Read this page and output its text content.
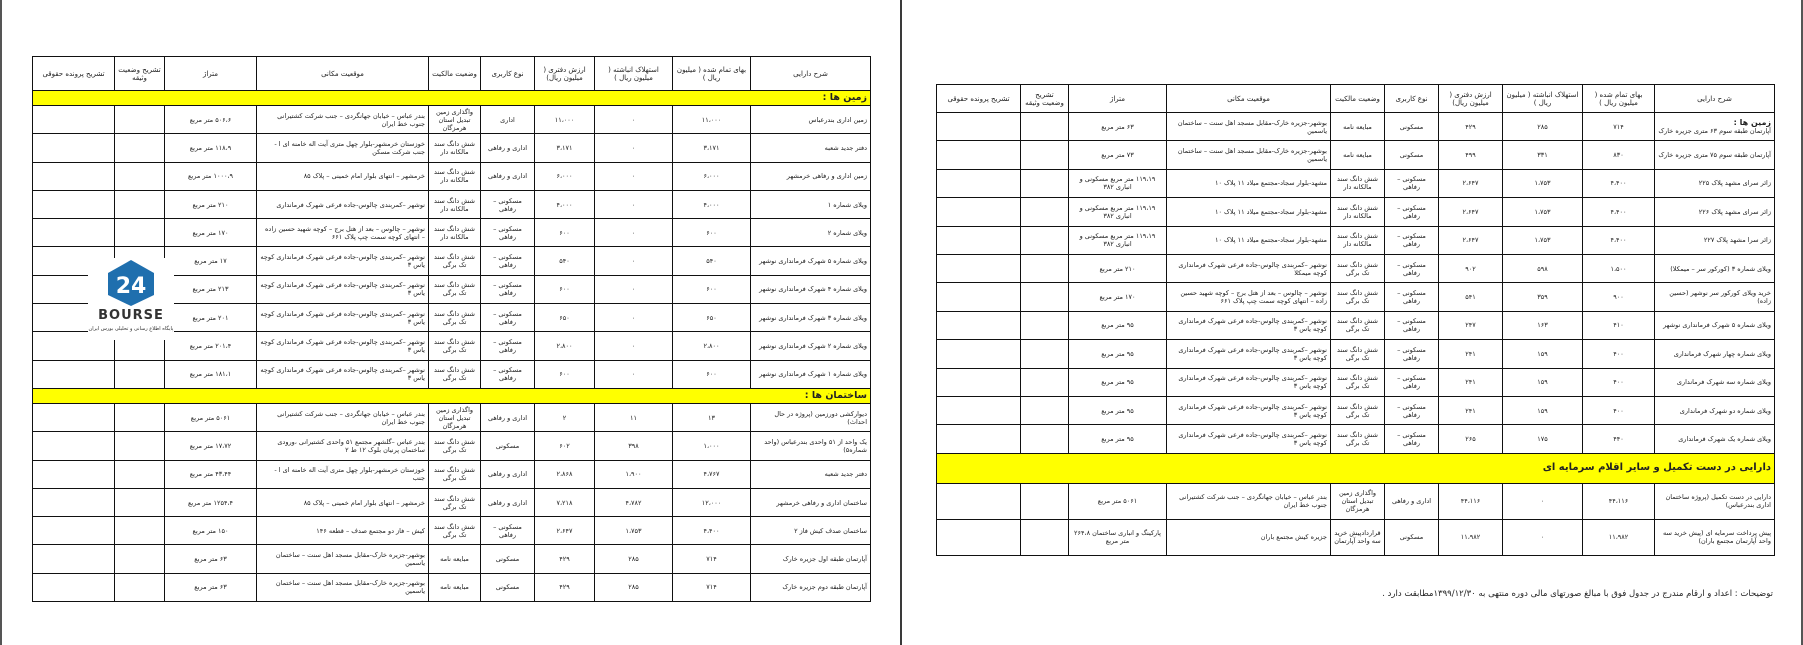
شرح دارایی	بهای تمام شده ( میلیون ریال )	استهلاک انباشته ( میلیون ریال )	ارزش دفتری ( میلیون ریال)	نوع کاربری	وضعیت مالکیت	موقعیت مکانی	متراژ	تشریح وضعیت وثیقه	تشریح پرونده حقوقی
زمین ها :									
زمین اداری بندرعباس	۱۱،۰۰۰	۰	۱۱،۰۰۰	اداری	واگذاری زمین تبدیل استان هرمزگان	بندر عباس – خیابان جهانگردی – جنب شرکت کشتیرانی جنوب خط ایران	۵۰۶،۶ متر مربع		
دفتر جدید شعبه	۳،۱۷۱	۰	۳،۱۷۱	اداری و رفاهی	شش دانگ سند مالکانه دار	خوزستان خرمشهر-بلوار چهل متری آیت اله خامنه ای ا - جنب شرکت مسکن	۱۱۸،۹ متر مربع		
زمین اداری و رفاهی خرمشهر	۶،۰۰۰	۰	۶،۰۰۰	اداری و رفاهی	شش دانگ سند مالکانه دار	خرمشهر – انتهای بلوار امام خمینی – پلاک ۸۵	۱۰۰۰،۹ متر مربع		
ویلای شماره ۱	۴،۰۰۰	۰	۴،۰۰۰	مسکونی – رفاهی	شش دانگ سند مالکانه دار	نوشهر –کمربندی چالوس-جاده فرعی شهرک فرمانداری	۲۱۰ متر مربع		
ویلای شماره ۲	۶۰۰	۰	۶۰۰	مسکونی – رفاهی	شش دانگ سند مالکانه دار	نوشهر – چالوس – بعد از هتل برج – کوچه شهید حسین زاده – انتهای کوچه سمت چپ پلاک ۶۶۱	۱۷۰ متر مربع		
ویلای شماره ۵ شهرک فرمانداری نوشهر	۵۴۰	۰	۵۴۰	مسکونی – رفاهی	شش دانگ سند تک برگی	نوشهر –کمربندی چالوس-جاده فرعی شهرک فرمانداری کوچه یاس ۳	۱۷ متر مربع		
ویلای شماره ۴ شهرک فرمانداری نوشهر	۶۰۰	۰	۶۰۰	مسکونی – رفاهی	شش دانگ سند تک برگی	نوشهر –کمربندی چالوس-جاده فرعی شهرک فرمانداری کوچه یاس ۳	۲۱۳ متر مربع		
ویلای شماره ۳ شهرک فرمانداری نوشهر	۶۵۰	۰	۶۵۰	مسکونی – رفاهی	شش دانگ سند تک برگی	نوشهر –کمربندی چالوس-جاده فرعی شهرک فرمانداری کوچه یاس ۳	۲۰۱ متر مربع		
ویلای شماره ۲ شهرک فرمانداری نوشهر	۲،۸۰۰	۰	۲،۸۰۰	مسکونی – رفاهی	شش دانگ سند تک برگی	نوشهر –کمربندی چالوس-جاده فرعی شهرک فرمانداری کوچه یاس ۳	۲۰۱،۴ متر مربع		
ویلای شماره ۱ شهرک فرمانداری نوشهر	۶۰۰	۰	۶۰۰	مسکونی – رفاهی	شش دانگ سند تک برگی	نوشهر –کمربندی چالوس-جاده فرعی شهرک فرمانداری کوچه یاس ۳	۱۸۱،۱ متر مربع		
ساختمان ها :									
دیوارکشی دورزمین (پروژه در حال احداث)	۱۳	۱۱	۲	اداری و رفاهی	واگذاری زمین تبدیل استان هرمزگان	بندر عباس – خیابان جهانگردی – جنب شرکت کشتیرانی جنوب خط ایران	۵۰۶۱ متر مربع		
یک واحد از ۵۱ واحدی بندرعباس (واحد شماره۵)	۱،۰۰۰	۳۹۸	۶۰۲	مسکونی	شش دانگ سند تک برگی	بندر عباس –گلشهر مجتمع ۵۱ واحدی کشتیرانی ،ورودی ساختمان پرنیان بلوک ۱۲ ط ۲	۱۷،۷۲ متر مربع		
دفتر جدید شعبه	۴،۷۶۷	۱،۹۰۰	۲،۸۶۸	اداری و رفاهی	شش دانگ سند تک برگی	خوزستان خرمشهر-بلوار چهل متری آیت اله خامنه ای ا - جنب	۴۳،۴۴ متر مربع		
ساختمان اداری و رفاهی خرمشهر	۱۲،۰۰۰	۴،۷۸۲	۷،۲۱۸	اداری و رفاهی	شش دانگ سند تک برگی	خرمشهر – انتهای بلوار امام خمینی – پلاک ۸۵	۱۲۵۴،۴ متر مربع		
ساختمان صدف کیش فاز ۲	۴،۴۰۰	۱،۷۵۳	۲،۶۴۷	مسکونی – رفاهی	شش دانگ سند تک برگی	کیش – فاز دو مجتمع صدف – قطعه ۱۴۶	۱۵۰ متر مربع		
آپارتمان طبقه اول جزیره خارک	۷۱۴	۲۸۵	۴۲۹	مسکونی	مبایعه نامه	بوشهر-جزیره خارک-مقابل مسجد اهل سنت – ساختمان یاسمین	۶۳ متر مربع		
آپارتمان طبقه دوم جزیره خارک	۷۱۴	۲۸۵	۴۲۹	مسکونی	مبایعه نامه	بوشهر-جزیره خارک-مقابل مسجد اهل سنت – ساختمان یاسمین	۶۳ متر مربع		
شرح دارایی	بهای تمام شده ( میلیون ریال )	استهلاک انباشته ( میلیون ریال )	ارزش دفتری ( میلیون ریال)	نوع کاربری	وضعیت مالکیت	موقعیت مکانی	متراژ	تشریح وضعیت وثیقه	تشریح پرونده حقوقی

زمین ها :
آپارتمان طبقه سوم ۶۳ متری جزیره خارک	۷۱۴	۲۸۵	۴۲۹	مسکونی	مبایعه نامه	بوشهر-جزیره خارک-مقابل مسجد اهل سنت – ساختمان یاسمین	۶۳ متر مربع		
آپارتمان طبقه سوم ۷۵ متری جزیره خارک	۸۳۰	۳۳۱	۴۹۹	مسکونی	مبایعه نامه	بوشهر-جزیره خارک-مقابل مسجد اهل سنت – ساختمان یاسمین	۷۳ متر مربع		
زائر سرای مشهد پلاک ۲۲۵	۴،۴۰۰	۱،۷۵۳	۲،۶۴۷	مسکونی – رفاهی	شش دانگ سند مالکانه دار	مشهد-بلوار سجاد-مجتمع میلاد ۱۱ پلاک ۱۰	۱۱۹،۱۹ متر مربع مسکونی و انباری ۳۸۲		
زائر سرای مشهد پلاک ۲۲۶	۴،۴۰۰	۱،۷۵۳	۲،۶۴۷	مسکونی – رفاهی	شش دانگ سند مالکانه دار	مشهد-بلوار سجاد-مجتمع میلاد ۱۱ پلاک ۱۰	۱۱۹،۱۹ متر مربع مسکونی و انباری ۳۸۲		
زائر سرا مشهد پلاک ۲۲۷	۴،۴۰۰	۱،۷۵۳	۲،۶۴۷	مسکونی – رفاهی	شش دانگ سند مالکانه دار	مشهد-بلوار سجاد-مجتمع میلاد ۱۱ پلاک ۱۰	۱۱۹،۱۹ متر مربع مسکونی و انباری ۳۸۲		
ویلای شماره ۳ (کورکور سر – میمکلا)	۱،۵۰۰	۵۹۸	۹۰۲	مسکونی – رفاهی	شش دانگ سند تک برگی	نوشهر –کمربندی چالوس-جاده فرعی شهرک فرمانداری کوچه میمکلا	۲۱۰ متر مربع		
خرید ویلای کورکور سر نوشهر (حسین زاده)	۹۰۰	۳۵۹	۵۴۱	مسکونی – رفاهی	شش دانگ سند تک برگی	نوشهر – چالوس – بعد از هتل برج – کوچه شهید حسین زاده – انتهای کوچه سمت چپ پلاک ۶۶۱	۱۷۰ متر مربع		
ویلای شماره ۵ شهرک فرمانداری نوشهر	۴۱۰	۱۶۳	۲۴۷	مسکونی – رفاهی	شش دانگ سند تک برگی	نوشهر –کمربندی چالوس-جاده فرعی شهرک فرمانداری کوچه یاس ۳	۹۵ متر مربع		
ویلای شماره چهار شهرک فرمانداری	۴۰۰	۱۵۹	۲۴۱	مسکونی – رفاهی	شش دانگ سند تک برگی	نوشهر –کمربندی چالوس-جاده فرعی شهرک فرمانداری کوچه یاس ۳	۹۵ متر مربع		
ویلای شماره سه شهرک فرمانداری	۴۰۰	۱۵۹	۲۴۱	مسکونی – رفاهی	شش دانگ سند تک برگی	نوشهر –کمربندی چالوس-جاده فرعی شهرک فرمانداری کوچه یاس ۳	۹۵ متر مربع		
ویلای شماره دو شهرک فرمانداری	۴۰۰	۱۵۹	۲۴۱	مسکونی – رفاهی	شش دانگ سند تک برگی	نوشهر –کمربندی چالوس-جاده فرعی شهرک فرمانداری کوچه یاس ۳	۹۵ متر مربع		
ویلای شماره یک شهرک فرمانداری	۴۴۰	۱۷۵	۲۶۵	مسکونی – رفاهی	شش دانگ سند تک برگی	نوشهر –کمربندی چالوس-جاده فرعی شهرک فرمانداری کوچه یاس ۳	۹۵ متر مربع		
دارایی در دست تکمیل و سایر اقلام سرمایه ای									
دارایی در دست تکمیل (پروژه ساختمان اداری بندرعباس)	۴۴،۱۱۶	۰	۴۴،۱۱۶	اداری و رفاهی	واگذاری زمین تبدیل استان هرمزگان	بندر عباس – خیابان جهانگردی – جنب شرکت کشتیرانی جنوب خط ایران	۵۰۶۱ متر مربع		
پیش پرداخت سرمایه ای (پیش خرید سه واحد آپارتمان مجتمع باران)	۱۱،۹۸۲	۰	۱۱،۹۸۲	مسکونی	قراردادپیش خرید سه واحد آپارتمان	جزیره کیش مجتمع باران	پارکینگ و انباری ساختمان ۲۶۴،۸ متر مربع		
24
BOURSE
پایگاه اطلاع رسانی و تحلیلی بورس ایران
توضیحات : اعداد و ارقام مندرج در جدول فوق با مبالغ صورتهای مالی دوره منتهی به ۱۳۹۹/۱۲/۳۰مطابقت دارد .
